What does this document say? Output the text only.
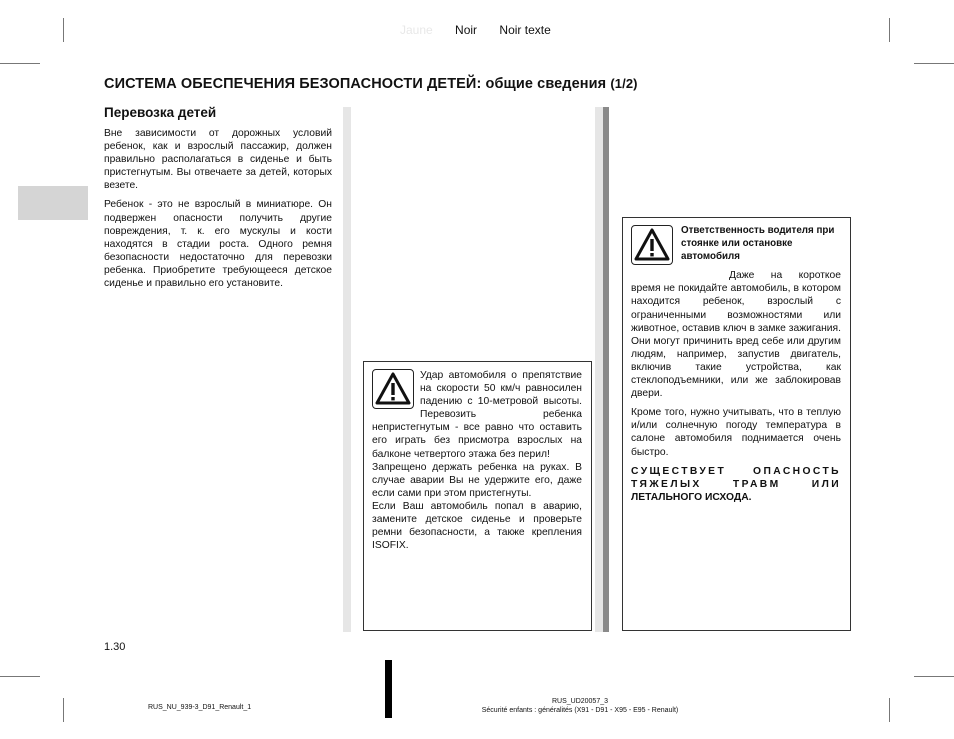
Jaune Noir Noir texte
СИСТЕМА ОБЕСПЕЧЕНИЯ БЕЗОПАСНОСТИ ДЕТЕЙ: общие сведения (1/2)
Перевозка детей

Вне зависимости от дорожных условий ребенок, как и взрослый пассажир, должен правильно располагаться в сиденье и быть пристегнутым. Вы отвечаете за детей, которых везете.

Ребенок - это не взрослый в миниатюре. Он подвержен опасности получить другие повреждения, т. к. его мускулы и кости находятся в стадии роста. Одного ремня безопасности недостаточно для перевозки ребенка. Приобретите требующееся детское сиденье и правильно его установите.

Удар автомобиля о препятствие на скорости 50 км/ч равносилен падению с 10-метровой высоты. Перевозить ребенка непристегнутым - все равно что оставить его играть без присмотра взрослых на балконе четвертого этажа без перил!

Запрещено держать ребенка на руках. В случае аварии Вы не удержите его, даже если сами при этом пристегнуты.

Если Ваш автомобиль попал в аварию, замените детское сиденье и проверьте ремни безопасности, а также крепления ISOFIX.

Ответственность водителя при стоянке или остановке автомобиля

Даже на короткое время не покидайте автомобиль, в котором находится ребенок, взрослый с ограниченными возможностями или животное, оставив ключ в замке зажигания. Они могут причинить вред себе или другим людям, например, запустив двигатель, включив такие устройства, как стеклоподъемники, или же заблокировав двери.

Кроме того, нужно учитывать, что в теплую и/или солнечную погоду температура в салоне автомобиля поднимается очень быстро.

СУЩЕСТВУЕТ ОПАСНОСТЬ ТЯЖЕЛЫХ ТРАВМ ИЛИ

ЛЕТАЛЬНОГО ИСХОДА.

1.30
RUS_NU_939-3_D91_Renault_1
RUS_UD20057_3
Sécurité enfants : généralités (X91 - D91 - X95 - E95 - Renault)
